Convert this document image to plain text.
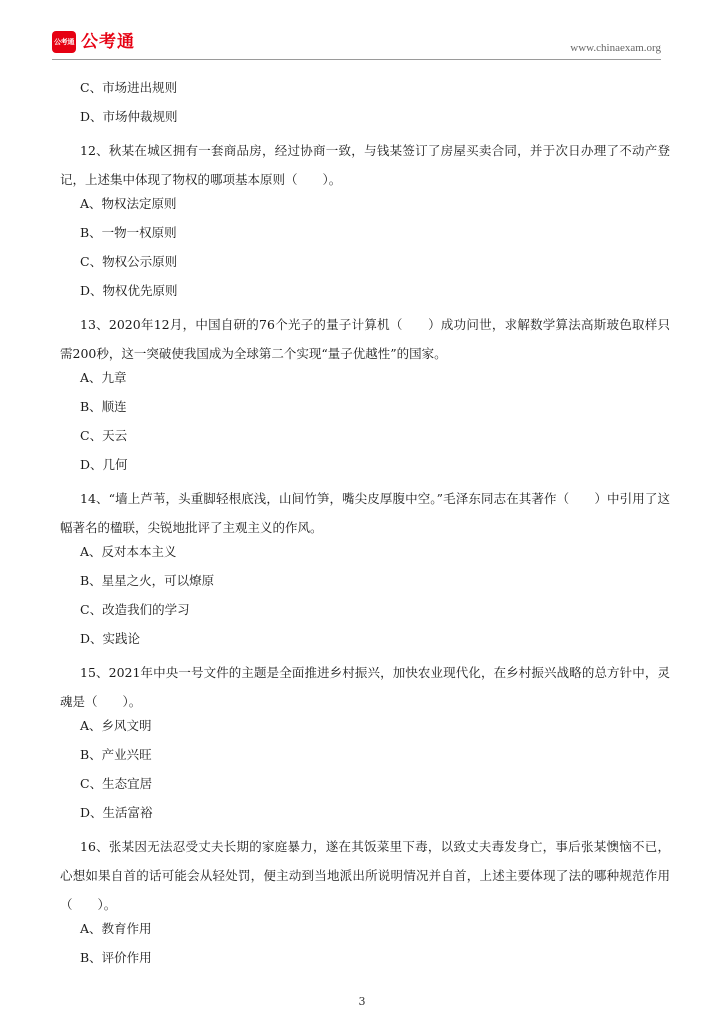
公考通 公考通	www.chinaexam.org
C、市场进出规则
D、市场仲裁规则

12、秋某在城区拥有一套商品房，经过协商一致，与钱某签订了房屋买卖合同，并于次日办理了不动产登记，上述集中体现了物权的哪项基本原则（　　）。

A、物权法定原则
B、一物一权原则
C、物权公示原则
D、物权优先原则

13、2020年12月，中国自研的76个光子的量子计算机（　　）成功问世，求解数学算法高斯玻色取样只需200秒，这一突破使我国成为全球第二个实现“量子优越性”的国家。

A、九章
B、顺连
C、天云
D、几何

14、“墙上芦苇，头重脚轻根底浅，山间竹笋，嘴尖皮厚腹中空。”毛泽东同志在其著作（　　）中引用了这幅著名的楹联，尖锐地批评了主观主义的作风。

A、反对本本主义
B、星星之火，可以燎原
C、改造我们的学习
D、实践论

15、2021年中央一号文件的主题是全面推进乡村振兴，加快农业现代化，在乡村振兴战略的总方针中，灵魂是（　　）。

A、乡风文明
B、产业兴旺
C、生态宜居
D、生活富裕

16、张某因无法忍受丈夫长期的家庭暴力，遂在其饭菜里下毒，以致丈夫毒发身亡，事后张某懊恼不已，心想如果自首的话可能会从轻处罚，便主动到当地派出所说明情况并自首，上述主要体现了法的哪种规范作用（　　）。

A、教育作用
B、评价作用
3
